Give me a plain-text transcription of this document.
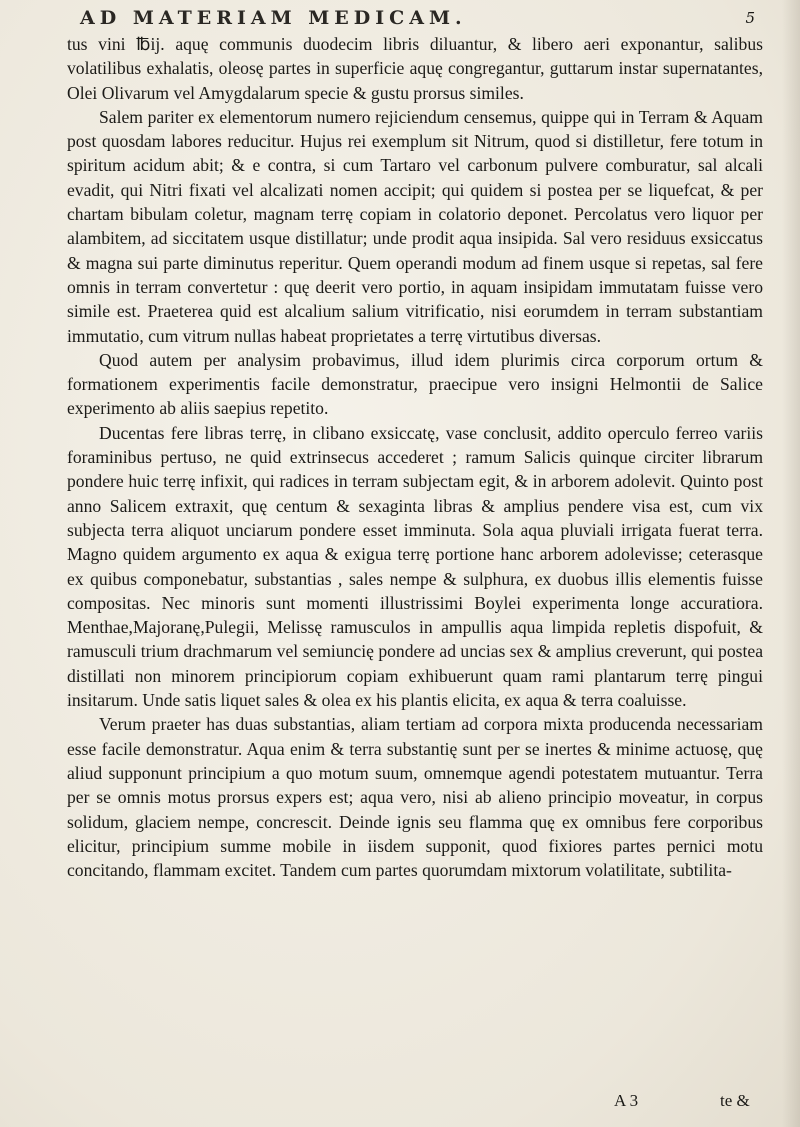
AD MATERIAM MEDICAM.	5

tus vini ℔ij. aquę communis duodecim libris diluantur, & libero aeri exponantur, salibus volatilibus exhalatis, oleosę partes in superficie aquę congregantur, guttarum instar supernatantes, Olei Olivarum vel Amygdalarum specie & gustu prorsus similes.

Salem pariter ex elementorum numero rejiciendum censemus, quippe qui in Terram & Aquam post quosdam labores reducitur. Hujus rei exemplum sit Nitrum, quod si distilletur, fere totum in spiritum acidum abit; & e contra, si cum Tartaro vel carbonum pulvere comburatur, sal alcali evadit, qui Nitri fixati vel alcalizati nomen accipit; qui quidem si postea per se liquefcat, & per chartam bibulam coletur, magnam terrę copiam in colatorio deponet. Percolatus vero liquor per alambitem, ad siccitatem usque distillatur; unde prodit aqua insipida. Sal vero residuus exsiccatus & magna sui parte diminutus reperitur. Quem operandi modum ad finem usque si repetas, sal fere omnis in terram convertetur : quę deerit vero portio, in aquam insipidam immutatam fuisse vero simile est. Praeterea quid est alcalium salium vitrificatio, nisi eorumdem in terram substantiam immutatio, cum vitrum nullas habeat proprietates a terrę virtutibus diversas.

Quod autem per analysim probavimus, illud idem plurimis circa corporum ortum & formationem experimentis facile demonstratur, praecipue vero insigni Helmontii de Salice experimento ab aliis saepius repetito.

Ducentas fere libras terrę, in clibano exsiccatę, vase conclusit, addito operculo ferreo variis foraminibus pertuso, ne quid extrinsecus accederet ; ramum Salicis quinque circiter librarum pondere huic terrę infixit, qui radices in terram subjectam egit, & in arborem adolevit. Quinto post anno Salicem extraxit, quę centum & sexaginta libras & amplius pendere visa est, cum vix subjecta terra aliquot unciarum pondere esset imminuta. Sola aqua pluviali irrigata fuerat terra. Magno quidem argumento ex aqua & exigua terrę portione hanc arborem adolevisse; ceterasque ex quibus componebatur, substantias , sales nempe & sulphura, ex duobus illis elementis fuisse compositas. Nec minoris sunt momenti illustrissimi Boylei experimenta longe accuratiora. Menthae,Majoranę,Pulegii, Melissę ramusculos in ampullis aqua limpida repletis dispofuit, & ramusculi trium drachmarum vel semiuncię pondere ad uncias sex & amplius creverunt, qui postea distillati non minorem principiorum copiam exhibuerunt quam rami plantarum terrę pingui insitarum. Unde satis liquet sales & olea ex his plantis elicita, ex aqua & terra coaluisse.

Verum praeter has duas substantias, aliam tertiam ad corpora mixta producenda necessariam esse facile demonstratur. Aqua enim & terra substantię sunt per se inertes & minime actuosę, quę aliud supponunt principium a quo motum suum, omnemque agendi potestatem mutuantur. Terra per se omnis motus prorsus expers est; aqua vero, nisi ab alieno principio moveatur, in corpus solidum, glaciem nempe, concrescit. Deinde ignis seu flamma quę ex omnibus fere corporibus elicitur, principium summe mobile in iisdem supponit, quod fixiores partes pernici motu concitando, flammam excitet. Tandem cum partes quorumdam mixtorum volatilitate, subtilita-

A 3	te &
